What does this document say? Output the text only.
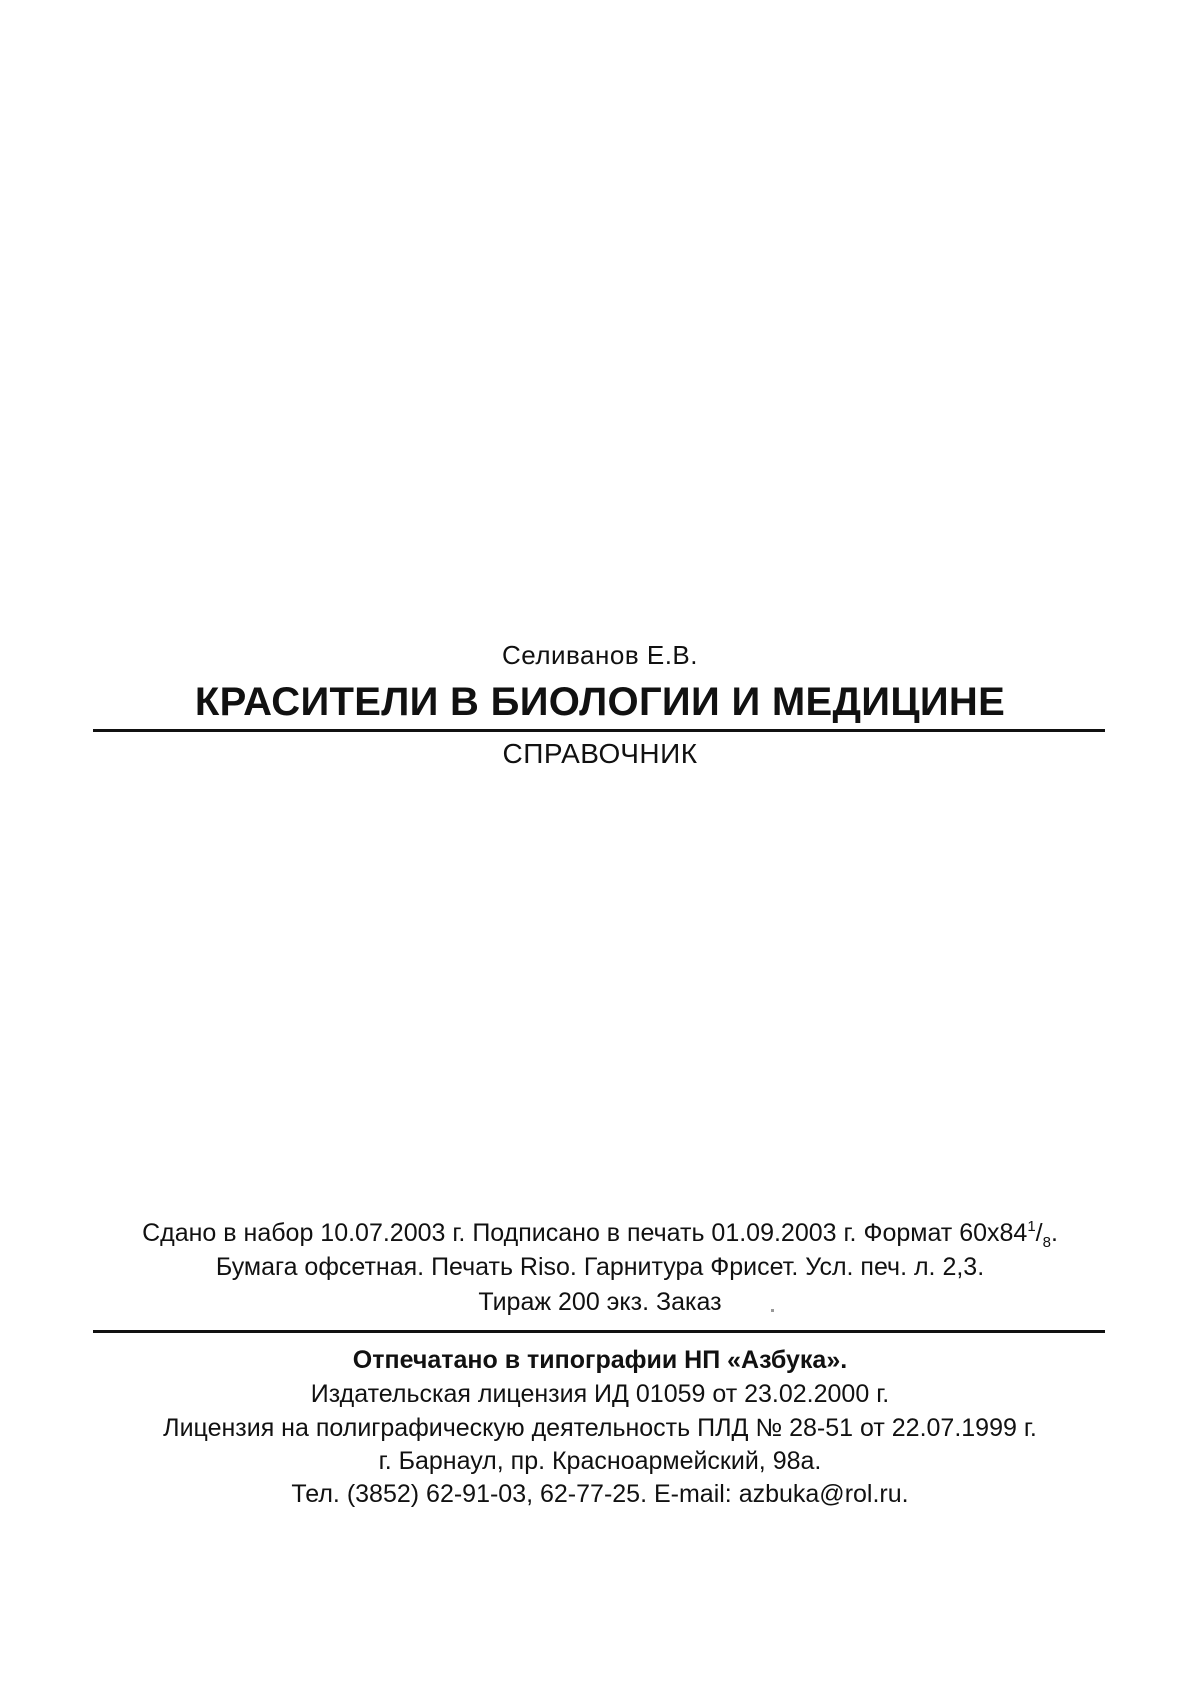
Селиванов Е.В.
КРАСИТЕЛИ В БИОЛОГИИ И МЕДИЦИНЕ
СПРАВОЧНИК
Сдано в набор 10.07.2003 г. Подписано в печать 01.09.2003 г. Формат $60х84^1/_8$.
Бумага офсетная. Печать Riso. Гарнитура Фрисет. Усл. печ. л. 2,3.
Тираж 200 экз. Заказ
Отпечатано в типографии НП «Азбука».
Издательская лицензия ИД 01059 от 23.02.2000 г.
Лицензия на полиграфическую деятельность ПЛД № 28-51 от 22.07.1999 г.
г. Барнаул, пр. Красноармейский, 98а.
Тел. (3852) 62-91-03, 62-77-25. E-mail: azbuka@rol.ru.
